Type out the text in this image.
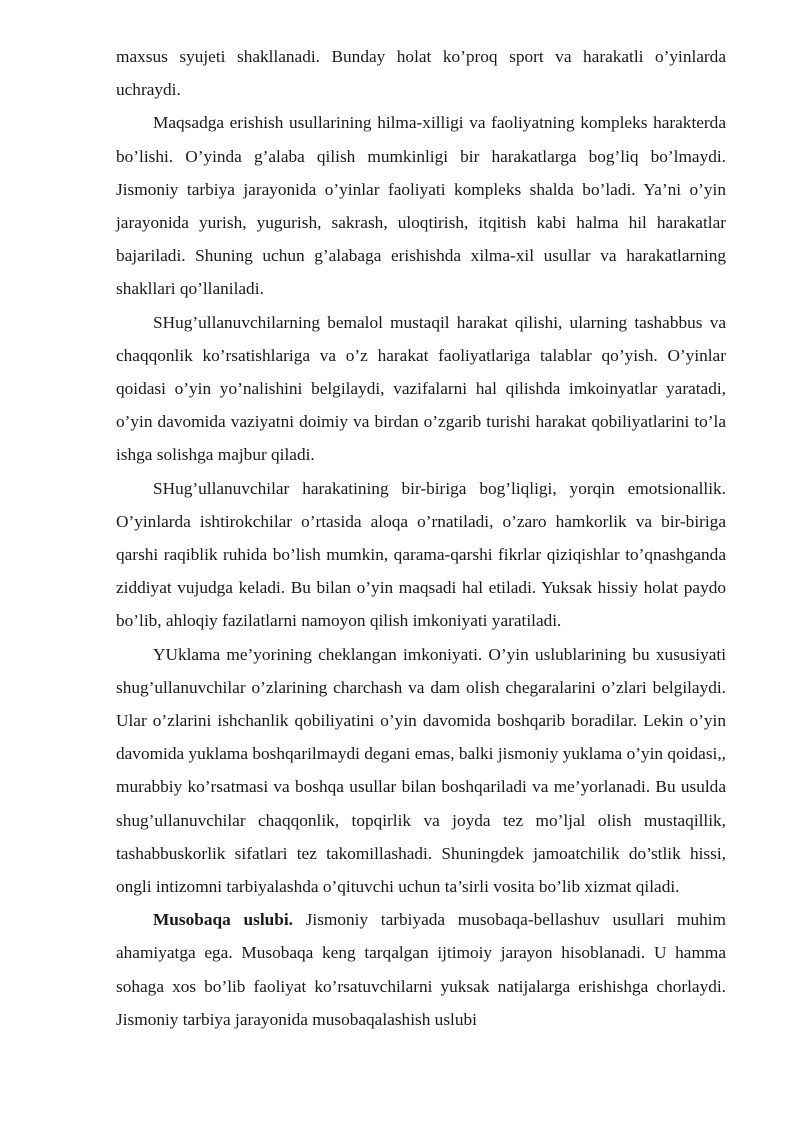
maxsus syujeti shakllanadi. Bunday holat ko’proq sport va harakatli o’yinlarda uchraydi.

Maqsadga erishish usullarining hilma-xilligi va faoliyatning kompleks harakterda bo’lishi. O’yinda g’alaba qilish mumkinligi bir harakatlarga bog’liq bo’lmaydi. Jismoniy tarbiya jarayonida o’yinlar faoliyati kompleks shalda bo’ladi. Ya’ni o’yin jarayonida yurish, yugurish, sakrash, uloqtirish, itqitish kabi halma hil harakatlar bajariladi. Shuning uchun g’alabaga erishishda xilma-xil usullar va harakatlarning shakllari qo’llaniladi.

SHug’ullanuvchilarning bemalol mustaqil harakat qilishi, ularning tashabbus va chaqqonlik ko’rsatishlariga va o’z harakat faoliyatlariga talablar qo’yish. O’yinlar qoidasi o’yin yo’nalishini belgilaydi, vazifalarni hal qilishda imkoinyatlar yaratadi, o’yin davomida vaziyatni doimiy va birdan o’zgarib turishi harakat qobiliyatlarini to’la ishga solishga majbur qiladi.

SHug’ullanuvchilar harakatining bir-biriga bog’liqligi, yorqin emotsionallik. O’yinlarda ishtirokchilar o’rtasida aloqa o’rnatiladi, o’zaro hamkorlik va bir-biriga qarshi raqiblik ruhida bo’lish mumkin, qarama-qarshi fikrlar qiziqishlar to’qnashganda ziddiyat vujudga keladi. Bu bilan o’yin maqsadi hal etiladi. Yuksak hissiy holat paydo bo’lib, ahloqiy fazilatlarni namoyon qilish imkoniyati yaratiladi.

YUklama me’yorining cheklangan imkoniyati. O’yin uslublarining bu xususiyati shug’ullanuvchilar o’zlarining charchash va dam olish chegaralarini o’zlari belgilaydi. Ular o’zlarini ishchanlik qobiliyatini o’yin davomida boshqarib boradilar. Lekin o’yin davomida yuklama boshqarilmaydi degani emas, balki jismoniy yuklama o’yin qoidasi,, murabbiy ko’rsatmasi va boshqa usullar bilan boshqariladi va me’yorlanadi. Bu usulda shug’ullanuvchilar chaqqonlik, topqirlik va joyda tez mo’ljal olish mustaqillik, tashabbuskorlik sifatlari tez takomillashadi. Shuningdek jamoatchilik do’stlik hissi, ongli intizomni tarbiyalashda o’qituvchi uchun ta’sirli vosita bo’lib xizmat qiladi.

Musobaqa uslubi. Jismoniy tarbiyada musobaqa-bellashuv usullari muhim ahamiyatga ega. Musobaqa keng tarqalgan ijtimoiy jarayon hisoblanadi. U hamma sohaga xos bo’lib faoliyat ko’rsatuvchilarni yuksak natijalarga erishishga chorlaydi. Jismoniy tarbiya jarayonida musobaqalashish uslubi
